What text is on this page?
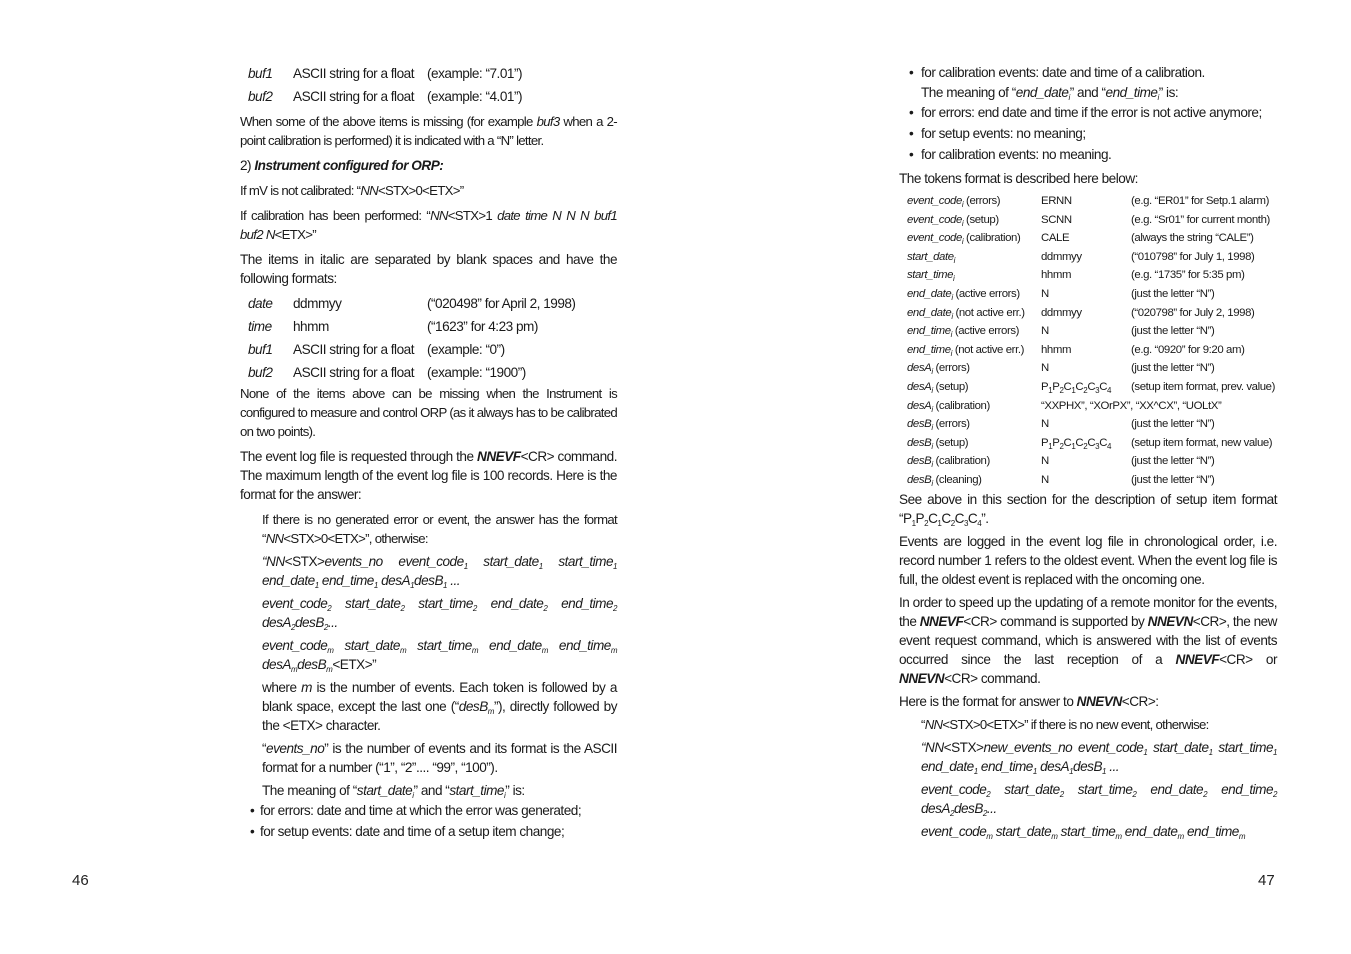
buf1	ASCII string for a float (example: “7.01”)
buf2	ASCII string for a float (example: “4.01”)

When some of the above items is missing (for example buf3 when a 2-point calibration is performed) it is indicated with a “N” letter.

2) Instrument configured for ORP:

If mV is not calibrated: “NN<STX>0<ETX>”

If calibration has been performed: “NN<STX>1 date time N N N buf1 buf2 N<ETX>”

The items in italic are separated by blank spaces and have the following formats:

date	ddmmyy	(“020498” for April 2, 1998)
time	hhmm	(“1623” for 4:23 pm)
buf1	ASCII string for a float (example: “0”)
buf2	ASCII string for a float (example: “1900”)

None of the items above can be missing when the Instrument is configured to measure and control ORP (as it always has to be calibrated on two points).

The event log file is requested through the NNEVF<CR> command. The maximum length of the event log file is 100 records. Here is the format for the answer:

If there is no generated error or event, the answer has the format “NN<STX>0<ETX>”, otherwise:

“NN<STX>events_no event_code$_1$ start_date$_1$ start_time$_1$ end_date$_1$ end_time$_1$ desA$_1$desB$_1$ ...

event_code$_2$ start_date$_2$ start_time$_2$ end_date$_2$ end_time$_2$ desA$_2$desB$_2$...

event_code$_m$ start_date$_m$ start_time$_m$ end_date$_m$ end_time$_m$ desA$_m$desB$_m$<ETX>”

where m is the number of events. Each token is followed by a blank space, except the last one (“desB$_m$”), directly followed by the <ETX> character.

“events_no” is the number of events and its format is the ASCII format for a number (“1”, “2”.... “99”, “100”).

The meaning of “start_date$_i$” and “start_time$_i$” is:

• for errors: date and time at which the error was generated;
• for setup events: date and time of a setup item change;
• for calibration events: date and time of a calibration.

The meaning of “end_date$_i$” and “end_time$_i$” is:

• for errors: end date and time if the error is not active anymore;
• for setup events: no meaning;
• for calibration events: no meaning.

The tokens format is described here below:

event_code$_i$ (errors)	ERNN	(e.g. “ER01” for Setp.1 alarm)
event_code$_i$ (setup)	SCNN	(e.g. “Sr01” for current month)
event_code$_i$ (calibration)	CALE	(always the string “CALE”)
start_date$_i$	ddmmyy	(“010798” for July 1, 1998)
start_time$_i$	hhmm	(e.g. “1735” for 5:35 pm)
end_date$_i$ (active errors)	N	(just the letter “N”)
end_date$_i$ (not active err.)	ddmmyy	(“020798” for July 2, 1998)
end_time$_i$ (active errors)	N	(just the letter “N”)
end_time$_i$ (not active err.)	hhmm	(e.g. “0920” for 9:20 am)
desA$_i$ (errors)	N	(just the letter “N”)
desA$_i$ (setup)	$P_1P_2C_1C_2C_3C_4$	(setup item format, prev. value)
desA$_i$ (calibration)	“XXPHX”, “XOrPX”, “XX^CX”, “UOLtX”
desB$_i$ (errors)	N	(just the letter “N”)
desB$_i$ (setup)	$P_1P_2C_1C_2C_3C_4$	(setup item format, new value)
desB$_i$ (calibration)	N	(just the letter “N”)
desB$_i$ (cleaning)	N	(just the letter “N”)

See above in this section for the description of setup item format “$P_1P_2C_1C_2C_3C_4$”.

Events are logged in the event log file in chronological order, i.e. record number 1 refers to the oldest event. When the event log file is full, the oldest event is replaced with the oncoming one.

In order to speed up the updating of a remote monitor for the events, the NNEVF<CR> command is supported by NNEVN<CR>, the new event request command, which is answered with the list of events occurred since the last reception of a NNEVF<CR> or NNEVN<CR> command.

Here is the format for answer to NNEVN<CR>:

“NN<STX>0<ETX>” if there is no new event, otherwise:

“NN<STX>new_events_no event_code$_1$ start_date$_1$ start_time$_1$ end_date$_1$ end_time$_1$ desA$_1$desB$_1$ ...

event_code$_2$ start_date$_2$ start_time$_2$ end_date$_2$ end_time$_2$ desA$_2$desB$_2$...

event_code$_m$ start_date$_m$ start_time$_m$ end_date$_m$ end_time$_m$

46	47
